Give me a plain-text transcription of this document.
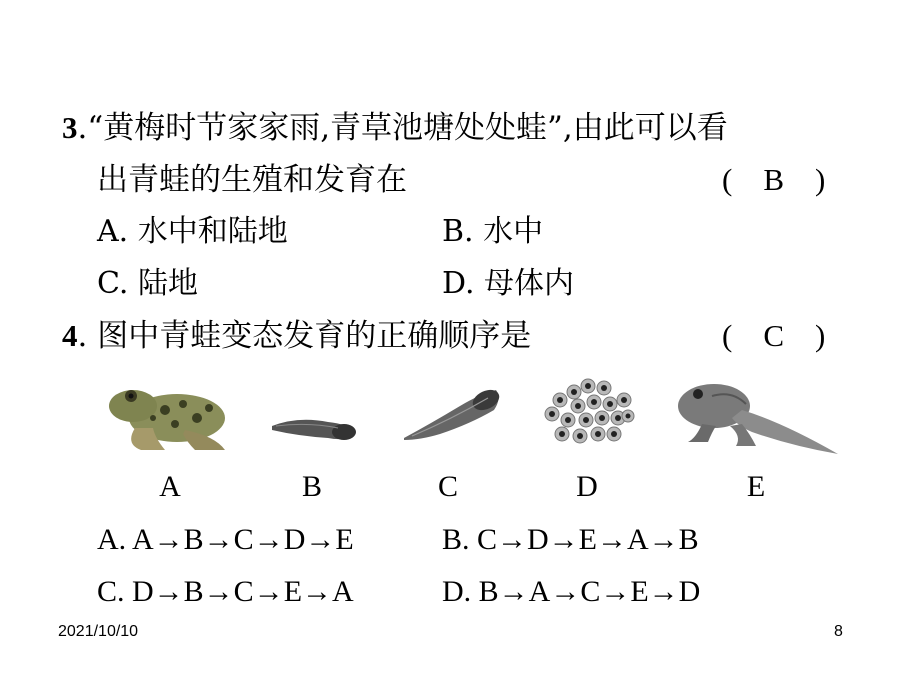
3.“黄梅时节家家雨,青草池塘处处蛙”,由此可以看
出青蛙的生殖和发育在	(　B　)
A. 水中和陆地	B. 水中
C. 陆地	D. 母体内
4. 图中青蛙变态发育的正确顺序是	(　C　)
A	B	C	D	E
A. A→B→C→D→E	B. C→D→E→A→B
C. D→B→C→E→A	D. B→A→C→E→D
2021/10/10	8
